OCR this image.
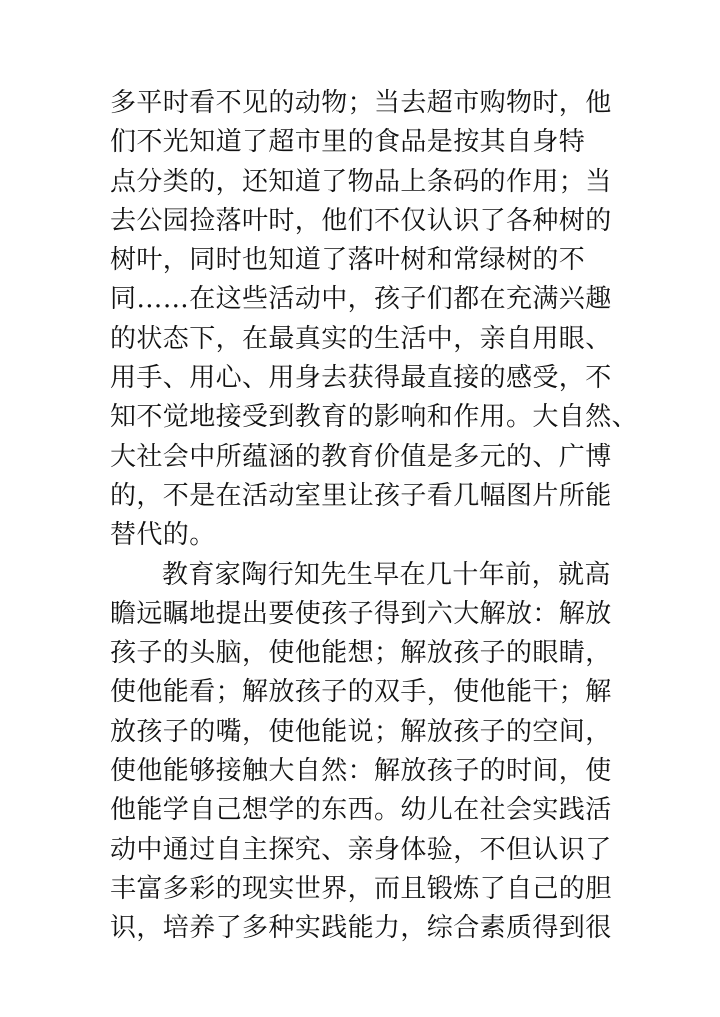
多平时看不见的动物；当去超市购物时，他
们不光知道了超市里的食品是按其自身特
点分类的，还知道了物品上条码的作用；当
去公园捡落叶时，他们不仅认识了各种树的
树叶，同时也知道了落叶树和常绿树的不
同……在这些活动中，孩子们都在充满兴趣
的状态下，在最真实的生活中，亲自用眼、
用手、用心、用身去获得最直接的感受，不
知不觉地接受到教育的影响和作用。大自然、
大社会中所蕴涵的教育价值是多元的、广博
的，不是在活动室里让孩子看几幅图片所能
替代的。
教育家陶行知先生早在几十年前，就高
瞻远瞩地提出要使孩子得到六大解放：解放
孩子的头脑，使他能想；解放孩子的眼睛，
使他能看；解放孩子的双手，使他能干；解
放孩子的嘴，使他能说；解放孩子的空间，
使他能够接触大自然：解放孩子的时间，使
他能学自己想学的东西。幼儿在社会实践活
动中通过自主探究、亲身体验，不但认识了
丰富多彩的现实世界，而且锻炼了自己的胆
识，培养了多种实践能力，综合素质得到很
